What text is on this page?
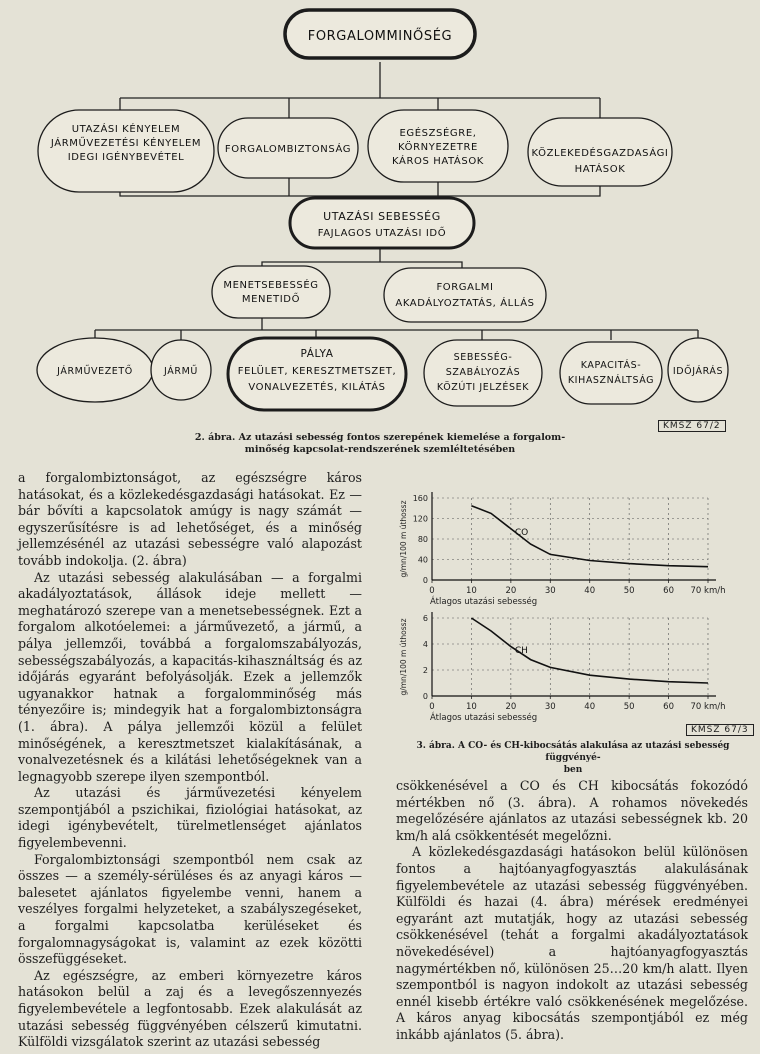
FORGALOMMINŐSÉG
UTAZÁSI KÉNYELEM
JÁRMŰVEZETÉSI KÉNYELEM
IDEGI IGÉNYBEVÉTEL
FORGALOMBIZTONSÁG
EGÉSZSÉGRE,
KÖRNYEZETRE
KÁROS HATÁSOK
KÖZLEKEDÉSGAZDASÁGI
HATÁSOK
UTAZÁSI SEBESSÉG
FAJLAGOS UTAZÁSI IDŐ
MENETSEBESSÉG
MENETIDŐ
FORGALMI
AKADÁLYOZTATÁS, ÁLLÁS
JÁRMŰVEZETŐ	JÁRMŰ
PÁLYA
FELÜLET, KERESZTMETSZET,
VONALVEZETÉS, KILÁTÁS
SEBESSÉG-
SZABÁLYOZÁS
KÖZÚTI JELZÉSEK
KAPACITÁS-
KIHASZNÁLTSÁG
IDŐJÁRÁS
KMSZ 67/2
2. ábra. Az utazási sebesség fontos szerepének kiemelése a forgalom-
minőség kapcsolat-rendszerének szemléltetésében

a forgalombiztonságot, az egészségre káros hatásokat, és a közlekedésgazdasági hatásokat. Ez — bár bővíti a kapcsolatok amúgy is nagy számát — egyszerűsítésre is ad lehetőséget, és a minőség jellemzésénél az utazási sebességre való alapozást tovább indokolja. (2. ábra)

Az utazási sebesség alakulásában — a forgalmi akadályoztatások, állások ideje mellett — meghatározó szerepe van a menetsebességnek. Ezt a forgalom alkotóelemei: a járművezető, a jármű, a pálya jellemzői, továbbá a forgalomszabályozás, sebességszabályozás, a kapacitás-kihasználtság és az időjárás egyaránt befolyásolják. Ezek a jellemzők ugyanakkor hatnak a forgalomminőség más tényezőire is; mindegyik hat a forgalombiztonságra (1. ábra). A pálya jellemzői közül a felület minőségének, a keresztmetszet kialakításának, a vonalvezetésnek és a kilátási lehetőségeknek van a legnagyobb szerepe ilyen szempontból.

Az utazási és járművezetési kényelem szempontjából a pszichikai, fiziológiai hatásokat, az idegi igénybevételt, türelmetlenséget ajánlatos figyelembevenni.

Forgalombiztonsági szempontból nem csak az összes — a személy-sérüléses és az anyagi káros — balesetet ajánlatos figyelembe venni, hanem a veszélyes forgalmi helyzeteket, a szabályszegéseket, a forgalmi kapcsolatba kerüléseket és forgalomnagyságokat is, valamint az ezek közötti összefüggéseket.

Az egészségre, az emberi környezetre káros hatásokon belül a zaj és a levegőszennyezés figyelembevétele a legfontosabb. Ezek alakulását az utazási sebesség függvényében célszerű kimutatni. Külföldi vizsgálatok szerint az utazási sebesség

0	10	20	30	40	50	60 70 km/h
0
40
80
120
160
g/mn/100 m úthossz
Átlagos utazási sebesség
CO
0	10	20	30	40	50	60 70 km/h
0
2
4
6
g/mn/100 m úthossz
Átlagos utazási sebesség
CH
KMSZ 67/3
3. ábra. A CO- és CH-kibocsátás alakulása az utazási sebesség függvényé-
ben

csökkenésével a CO és CH kibocsátás fokozódó mértékben nő (3. ábra). A rohamos növekedés megelőzésére ajánlatos az utazási sebességnek kb. 20 km/h alá csökkentését megelőzni.

A közlekedésgazdasági hatásokon belül különösen fontos a hajtóanyagfogyasztás alakulásának figyelembevétele az utazási sebesség függvényében. Külföldi és hazai (4. ábra) mérések eredményei egyaránt azt mutatják, hogy az utazási sebesség csökkenésével (tehát a forgalmi akadályoztatások növekedésével) a hajtóanyagfogyasztás nagymértékben nő, különösen 25…20 km/h alatt. Ilyen szempontból is nagyon indokolt az utazási sebesség ennél kisebb értékre való csökkenésének megelőzése. A káros anyag kibocsátás szempontjából ez még inkább ajánlatos (5. ábra).
